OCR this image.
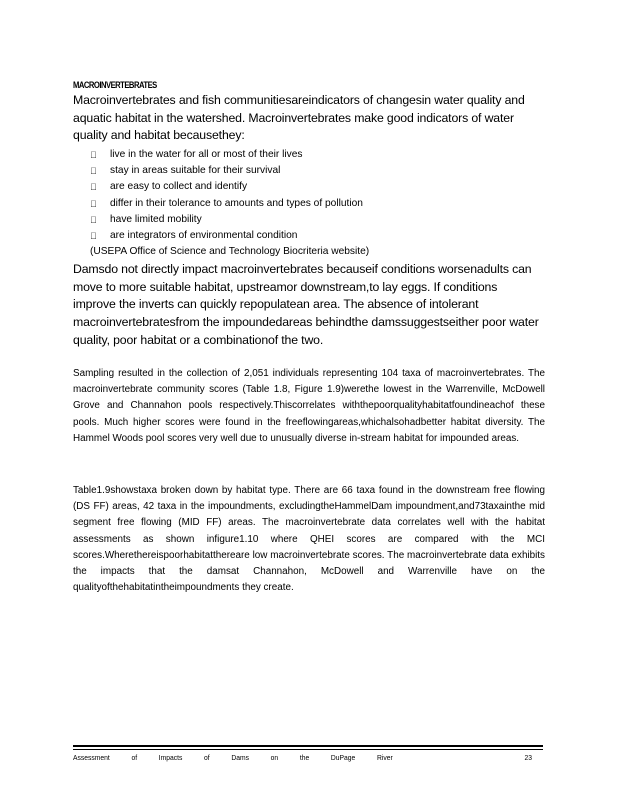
MACROINVERTEBRATES
Macroinvertebrates and fish communitiesareindicators of changesin water quality and aquatic habitat in the watershed. Macroinvertebrates make good indicators of water quality and habitat becausethey:
live in the water for all or most of their lives
stay in areas suitable for their survival
are easy to collect and identify
differ in their tolerance to amounts and types of pollution
have limited mobility
are integrators of environmental condition
(USEPA Office of Science and Technology Biocriteria website)
Damsdo not directly impact macroinvertebrates becauseif conditions worsenadults can move to more suitable habitat, upstreamor downstream,to lay eggs. If conditions improve the inverts can quickly repopulatean area. The absence of intolerant macroinvertebratesfrom the impoundedareas behindthe damssuggestseither poor water quality, poor habitat or a combinationof the two.
Sampling resulted in the collection of 2,051 individuals representing 104 taxa of macroinvertebrates. The macroinvertebrate community scores (Table 1.8, Figure 1.9)werethe lowest in the Warrenville, McDowell Grove and Channahon pools respectively.Thiscorrelates withthepoorqualityhabitatfoundineachof these pools. Much higher scores were found in the freeflowingareas,whichalsohadbetter habitat diversity. The Hammel Woods pool scores very well due to unusually diverse in-stream habitat for impounded areas.
Table1.9showstaxa broken down by habitat type. There are 66 taxa found in the downstream free flowing (DS FF) areas, 42 taxa in the impoundments, excludingtheHammelDam impoundment,and73taxainthe mid segment free flowing (MID FF) areas. The macroinvertebrate data correlates well with the habitat assessments as shown infigure1.10 where QHEI scores are compared with the MCI scores.Wherethereispoorhabitatthereare low macroinvertebrate scores. The macroinvertebrate data exhibits the impacts that the damsat Channahon, McDowell and Warrenville have on the qualityofthehabitatintheimpoundments they create.
Assessment of Impacts of Dams on the DuPage River	23
